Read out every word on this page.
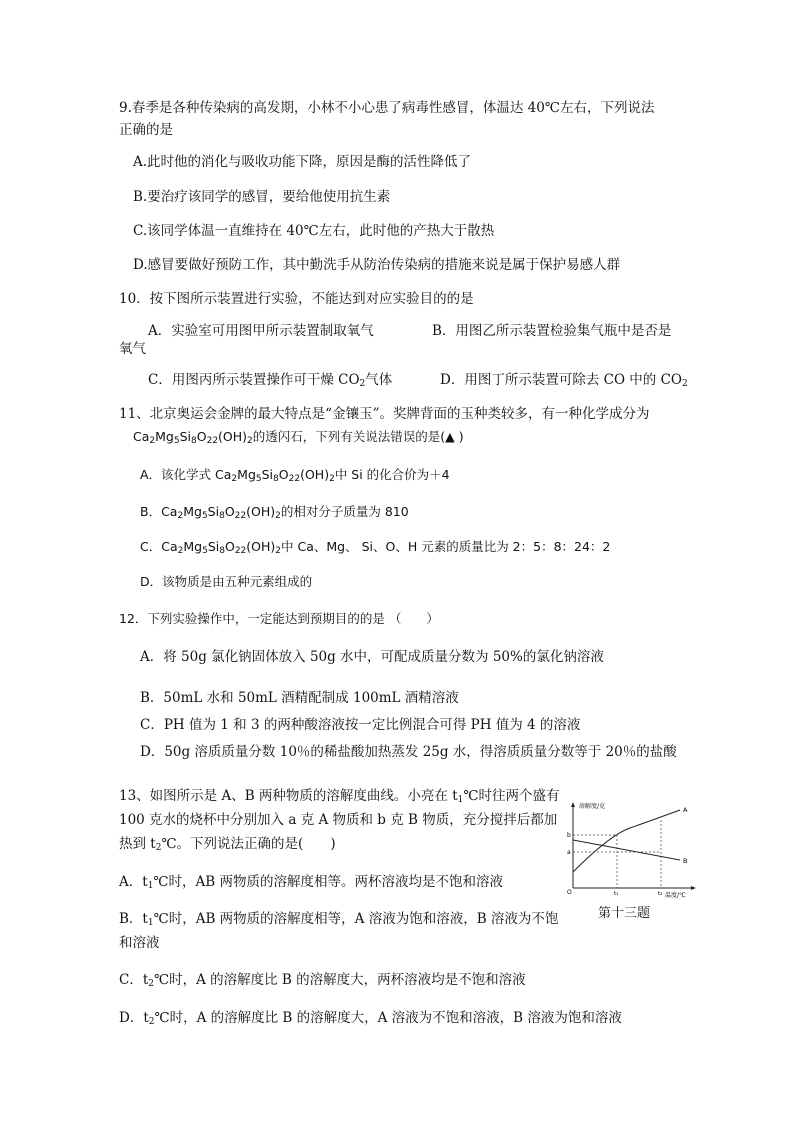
9.春季是各种传染病的高发期，小林不小心患了病毒性感冒，体温达 40℃左右，下列说法
正确的是
A.此时他的消化与吸收功能下降，原因是酶的活性降低了
B.要治疗该同学的感冒，要给他使用抗生素
C.该同学体温一直维持在 40℃左右，此时他的产热大于散热
D.感冒要做好预防工作，其中勤洗手从防治传染病的措施来说是属于保护易感人群
10．按下图所示装置进行实验，不能达到对应实验目的的是
A．实验室可用图甲所示装置制取氧气	B．用图乙所示装置检验集气瓶中是否是
氧气
C．用图丙所示装置操作可干燥 $CO_2$气体	D．用图丁所示装置可除去 CO 中的 $CO_2$
11、北京奥运会金牌的最大特点是“金镶玉”。奖牌背面的玉种类较多，有一种化学成分为
$Ca_2Mg_5Si_8O_{22}(OH)_2$的透闪石，下列有关说法错误的是(▲ )
A．该化学式 $Ca_2Mg_5Si_8O_{22}(OH)_2$中 Si 的化合价为＋4
B．$Ca_2Mg_5Si_8O_{22}(OH)_2$的相对分子质量为 810
C．$Ca_2Mg_5Si_8O_{22}(OH)_2$中 Ca、Mg、 Si、O、H 元素的质量比为 2：5：8：24：2
D．该物质是由五种元素组成的
12．下列实验操作中，一定能达到预期目的的是 （　　）
A．将 50g 氯化钠固体放入 50g 水中，可配成质量分数为 50%的氯化钠溶液
B．50mL 水和 50mL 酒精配制成 100mL 酒精溶液
C．PH 值为 1 和 3 的两种酸溶液按一定比例混合可得 PH 值为 4 的溶液
D．50g 溶质质量分数 10％的稀盐酸加热蒸发 25g 水，得溶质质量分数等于 20％的盐酸
13、如图所示是 A、B 两种物质的溶解度曲线。小亮在 $t_1℃$时往两个盛有
100 克水的烧杯中分别加入 a 克 A 物质和 b 克 B 物质，充分搅拌后都加
热到 $t_2℃$。下列说法正确的是(　　)
A．$t_1℃$时，AB 两物质的溶解度相等。两杯溶液均是不饱和溶液
B．$t_1℃$时，AB 两物质的溶解度相等，A 溶液为饱和溶液，B 溶液为不饱
和溶液
C．$t_2℃$时，A 的溶解度比 B 的溶解度大，两杯溶液均是不饱和溶液
D．$t_2℃$时，A 的溶解度比 B 的溶解度大，A 溶液为不饱和溶液，B 溶液为饱和溶液
溶解度/克
温度/℃
O
b
a
t₁	t₂
A
B
第十三题
